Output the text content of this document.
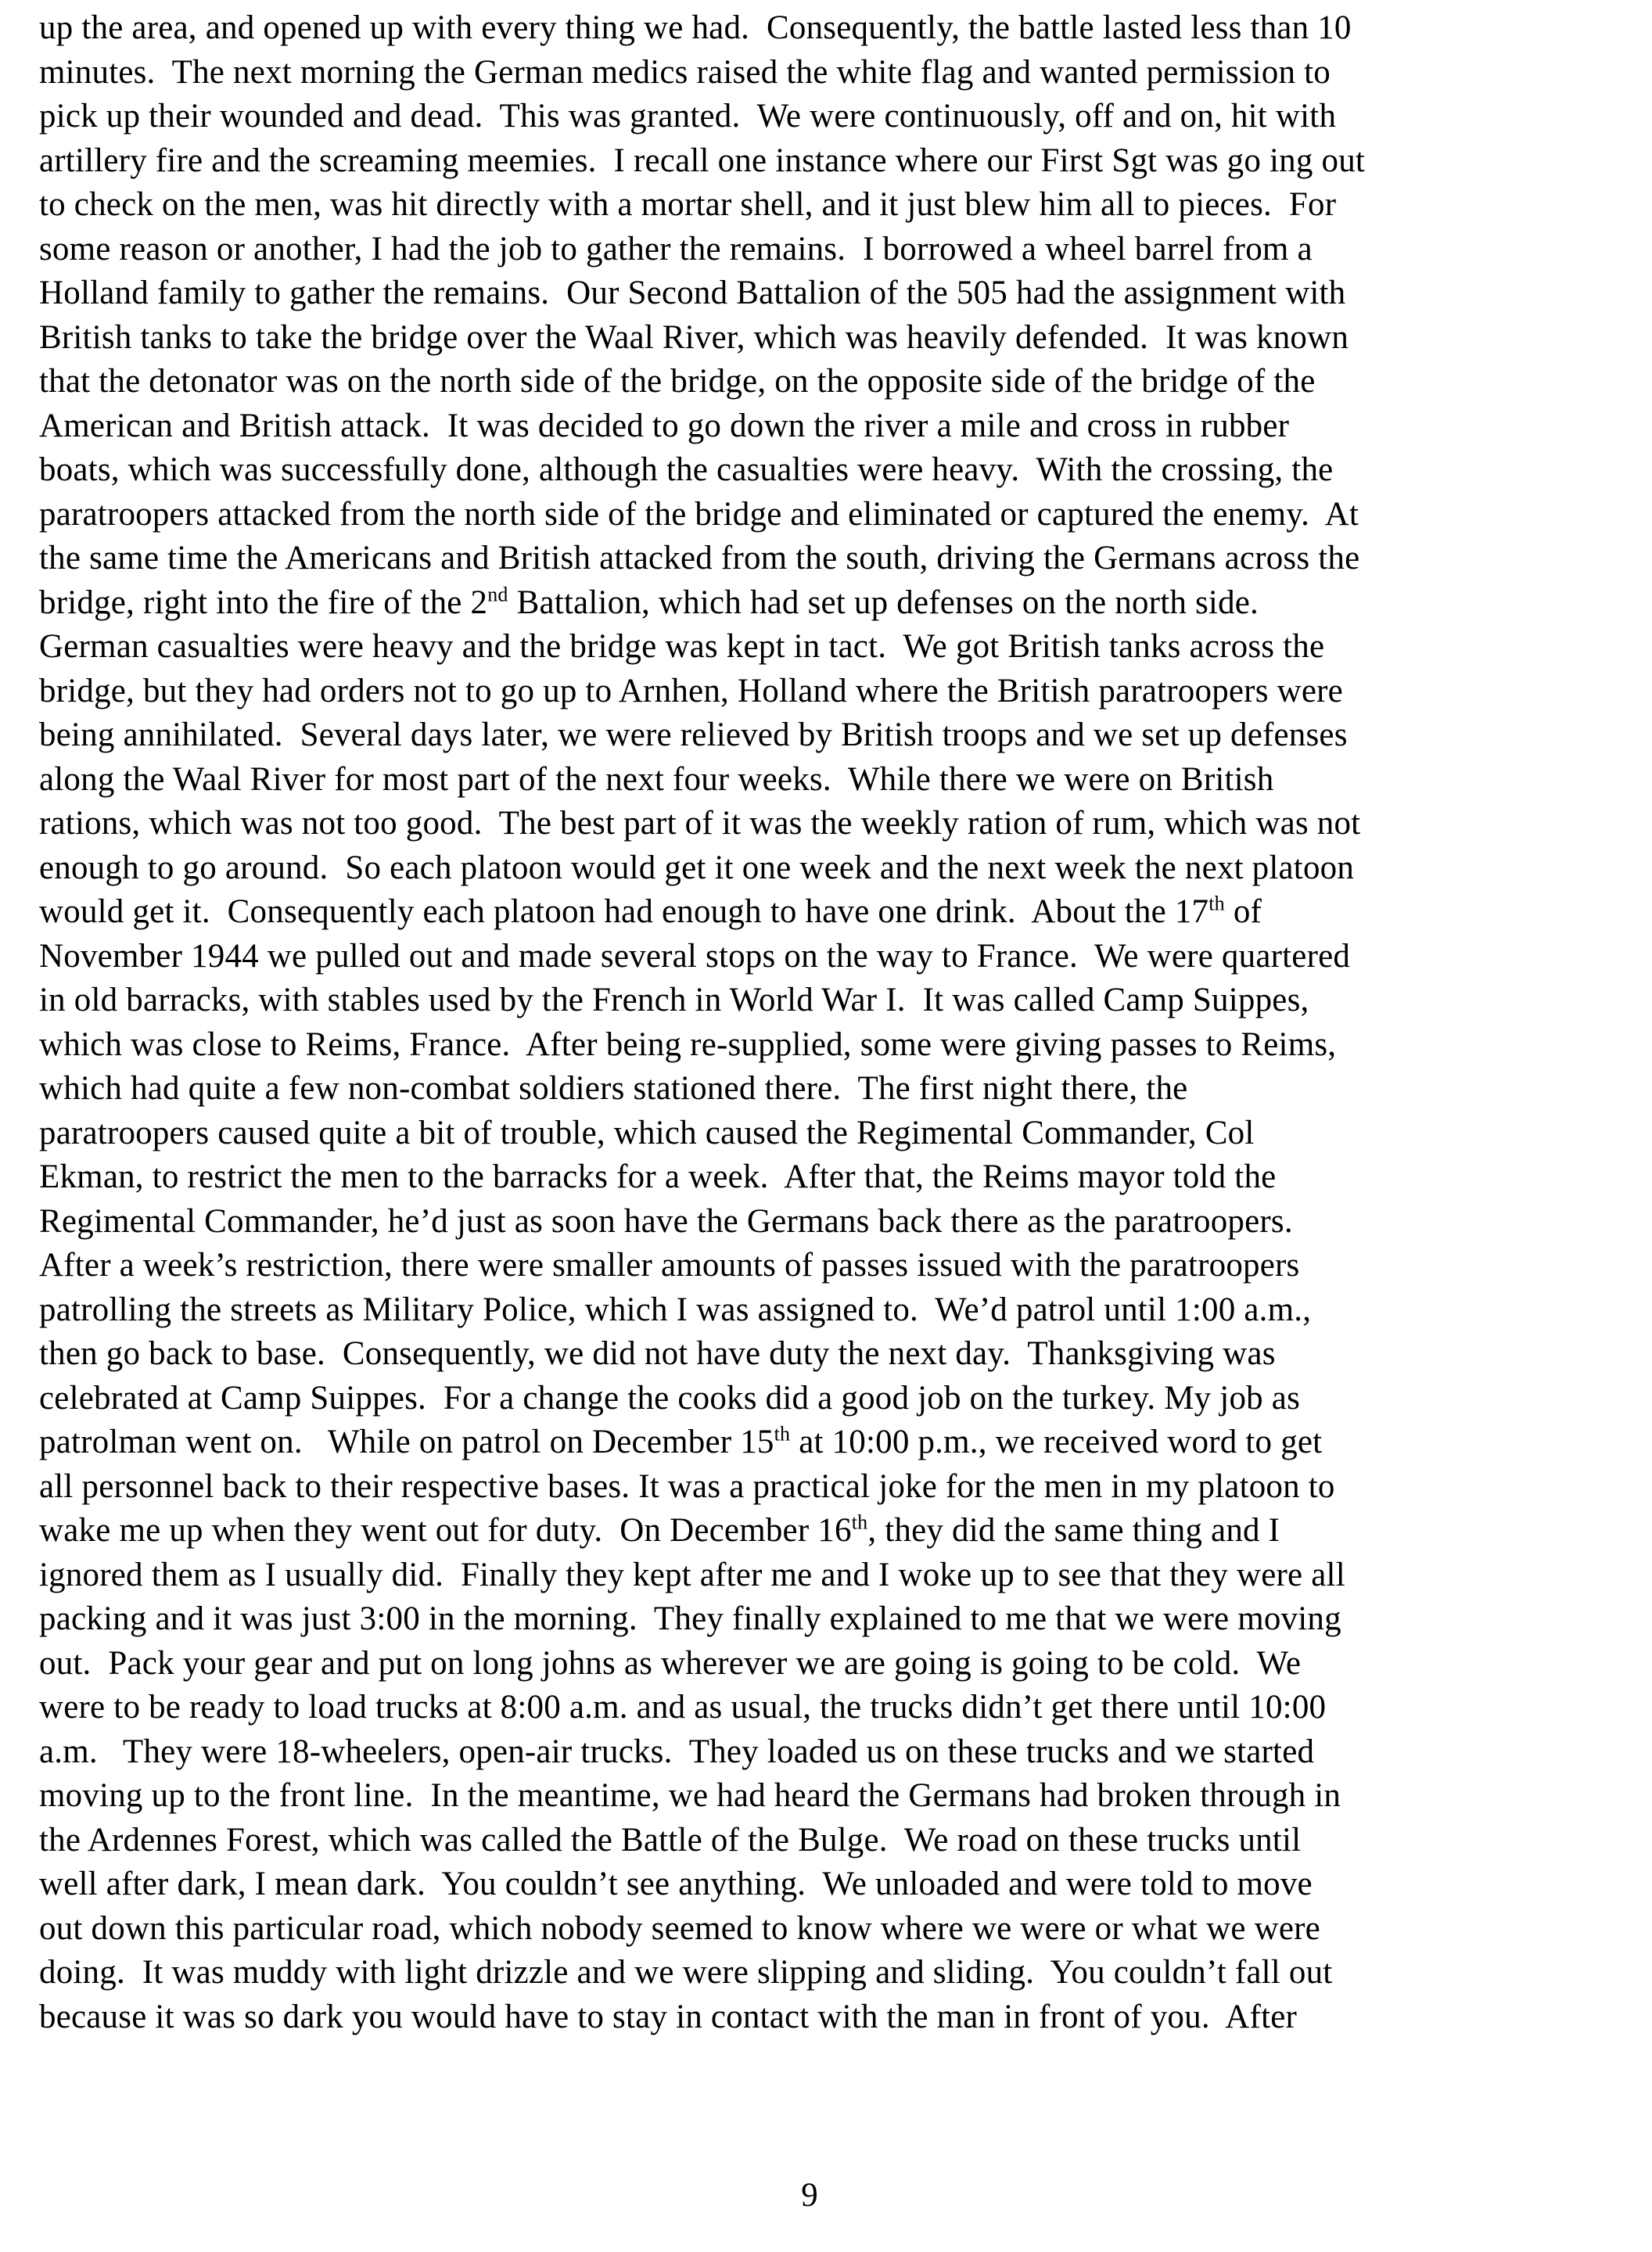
up the area, and opened up with every thing we had.  Consequently, the battle lasted less than 10
minutes.  The next morning the German medics raised the white flag and wanted permission to
pick up their wounded and dead.  This was granted.  We were continuously, off and on, hit with
artillery fire and the screaming meemies.  I recall one instance where our First Sgt was go ing out
to check on the men, was hit directly with a mortar shell, and it just blew him all to pieces.  For
some reason or another, I had the job to gather the remains.  I borrowed a wheel barrel from a
Holland family to gather the remains.  Our Second Battalion of the 505 had the assignment with
British tanks to take the bridge over the Waal River, which was heavily defended.  It was known
that the detonator was on the north side of the bridge, on the opposite side of the bridge of the
American and British attack.  It was decided to go down the river a mile and cross in rubber
boats, which was successfully done, although the casualties were heavy.  With the crossing, the
paratroopers attacked from the north side of the bridge and eliminated or captured the enemy.  At
the same time the Americans and British attacked from the south, driving the Germans across the
bridge, right into the fire of the 2nd Battalion, which had set up defenses on the north side.
German casualties were heavy and the bridge was kept in tact.  We got British tanks across the
bridge, but they had orders not to go up to Arnhen, Holland where the British paratroopers were
being annihilated.  Several days later, we were relieved by British troops and we set up defenses
along the Waal River for most part of the next four weeks.  While there we were on British
rations, which was not too good.  The best part of it was the weekly ration of rum, which was not
enough to go around.  So each platoon would get it one week and the next week the next platoon
would get it.  Consequently each platoon had enough to have one drink.  About the 17th of
November 1944 we pulled out and made several stops on the way to France.  We were quartered
in old barracks, with stables used by the French in World War I.  It was called Camp Suippes,
which was close to Reims, France.  After being re-supplied, some were giving passes to Reims,
which had quite a few non-combat soldiers stationed there.  The first night there, the
paratroopers caused quite a bit of trouble, which caused the Regimental Commander, Col
Ekman, to restrict the men to the barracks for a week.  After that, the Reims mayor told the
Regimental Commander, he’d just as soon have the Germans back there as the paratroopers.
After a week’s restriction, there were smaller amounts of passes issued with the paratroopers
patrolling the streets as Military Police, which I was assigned to.  We’d patrol until 1:00 a.m.,
then go back to base.  Consequently, we did not have duty the next day.  Thanksgiving was
celebrated at Camp Suippes.  For a change the cooks did a good job on the turkey. My job as
patrolman went on.   While on patrol on December 15th at 10:00 p.m., we received word to get
all personnel back to their respective bases. It was a practical joke for the men in my platoon to
wake me up when they went out for duty.  On December 16th, they did the same thing and I
ignored them as I usually did.  Finally they kept after me and I woke up to see that they were all
packing and it was just 3:00 in the morning.  They finally explained to me that we were moving
out.  Pack your gear and put on long johns as wherever we are going is going to be cold.  We
were to be ready to load trucks at 8:00 a.m. and as usual, the trucks didn’t get there until 10:00
a.m.   They were 18-wheelers, open-air trucks.  They loaded us on these trucks and we started
moving up to the front line.  In the meantime, we had heard the Germans had broken through in
the Ardennes Forest, which was called the Battle of the Bulge.  We road on these trucks until
well after dark, I mean dark.  You couldn’t see anything.  We unloaded and were told to move
out down this particular road, which nobody seemed to know where we were or what we were
doing.  It was muddy with light drizzle and we were slipping and sliding.  You couldn’t fall out
because it was so dark you would have to stay in contact with the man in front of you.  After
9
